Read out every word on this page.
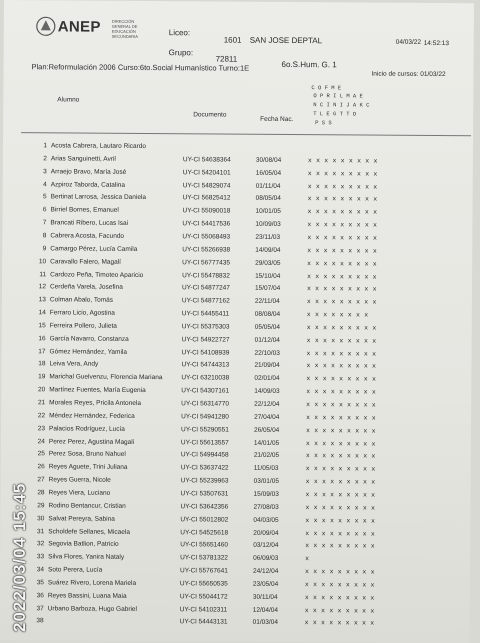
ANEP	DIRECCIÓN GENERAL DE EDUCACIÓN SECUNDARIA	Liceo:
1601 SAN JOSE DEPTAL
Grupo:
72811
6o.S.Hum. G. 1
04/03/22 14:52:13
Plan:Reformulación 2006 Curso:6to.Social Humanístico Turno:1E
Inicio de cursos: 01/03/22
Alumno
Documento
Fecha Nac.
C O F M E
O P R I L M A E
N C I N I J A K C
T L E G T T O
P S S
1 Acosta Cabrera, Lautaro Ricardo
2 Arias Sanguinetti, Avril	UY-CI 54638364	30/08/04	x x x x x x x x x
3 Arraejo Bravo, María José	UY-CI 54204101	16/05/04	x x x x x x x x x
4 Azpiroz Taborda, Catalina	UY-CI 54829074	01/11/04	x x x x x x x x x
5 Bertinat Larrosa, Jessica Daniela	UY-CI 56825412	08/05/04	x x x x x x x x x
6 Birriel Bornes, Emanuel	UY-CI 55090018	10/01/05	x x x x x x x x x
7 Brancati Ribero, Lucas Isai	UY-CI 54417536	10/09/03	x x x x x x x x x
8 Cabrera Acosta, Facundo	UY-CI 55068493	23/11/03	x x x x x x x x x
9 Camargo Pérez, Lucía Camila	UY-CI 55266938	14/09/04	x x x x x x x x x
10 Caravallo Falero, Magalí	UY-CI 56777435	29/03/05	x x x x x x x x x
11 Cardozo Peña, Timoteo Aparicio	UY-CI 55478832	15/10/04	x x x x x x x x x
12 Cerdeña Varela, Josefina	UY-CI 54877247	15/07/04	x x x x x x x x x
13 Colman Abalo, Tomás	UY-CI 54877162	22/11/04	x x x x x x x x x
14 Ferraro Licio, Agostina	UY-CI 54455411	08/08/04	x x x x x x x x
15 Ferreira Pollero, Julieta	UY-CI 55375303	05/05/04	x x x x x x x x x
16 García Navarro, Constanza	UY-CI 54922727	01/12/04	x x x x x x x x x
17 Gómez Hernández, Yamila	UY-CI 54108939	22/10/03	x x x x x x x x x
18 Leiva Vera, Andy	UY-CI 54744313	21/09/04	x x x x x x x x x
19 Marichal Guelvenzu, Florencia Mariana	UY-CI 63210038	02/01/04	x x x x x x x x x
20 Martínez Fuentes, María Eugenia	UY-CI 54307161	14/09/03	x x x x x x x x x
21 Morales Reyes, Pricila Antonela	UY-CI 56314770	22/12/04	x x x x x x x x x
22 Méndez Hernández, Federica	UY-CI 54941280	27/04/04	x x x x x x x x x
23 Palacios Rodríguez, Lucía	UY-CI 55290551	26/05/04	x x x x x x x x x
24 Perez Perez, Agustina Magali	UY-CI 55613557	14/01/05	x x x x x x x x x
25 Perez Sosa, Bruno Nahuel	UY-CI 54994458	21/02/05	x x x x x x x x x
26 Reyes Aguete, Trini Juliana	UY-CI 53637422	11/05/03	x x x x x x x x x
27 Reyes Guerra, Nicole	UY-CI 55239963	03/01/05	x x x x x x x x x
28 Reyes Viera, Luciano	UY-CI 53507631	15/09/03	x x x x x x x x x
29 Rodino Bentancur, Cristian	UY-CI 53642356	27/08/03	x x x x x x x x x
30 Salvat Pereyra, Sabina	UY-CI 55012802	04/03/05	x x x x x x x x x
31 Scholdefe Sellanes, Micaela	UY-CI 54525618	20/09/04	x x x x x x x x x
32 Segovia Batlion, Patricio	UY-CI 55651460	03/12/04	x x x x x x x x x
33 Silva Flores, Yanira Nataly	UY-CI 53781322	06/09/03	x
34 Soto Perera, Lucía	UY-CI 55767641	24/12/04	x x x x x x x x x
35 Suárez Rivero, Lorena Mariela	UY-CI 55650535	23/05/04	x x x x x x x x x
36 Reyes Bassini, Luana Maia	UY-CI 55044172	30/11/04	x x x x x x x x x
37 Urbano Barboza, Hugo Gabriel	UY-CI 54102311	12/04/04	x x x x x x x x x
38	UY-CI 54443131	01/03/04	x x x x x x x x x
2022/03/04 15:45
